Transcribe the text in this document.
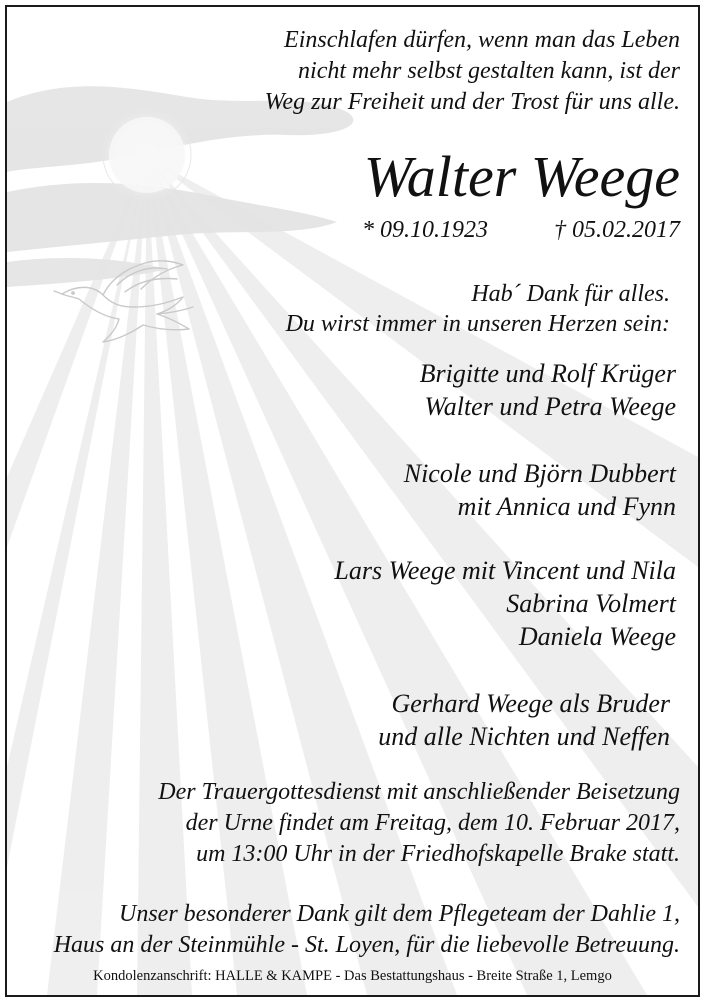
Einschlafen dürfen, wenn man das Leben
nicht mehr selbst gestalten kann, ist der
Weg zur Freiheit und der Trost für uns alle.
Walter Weege
* 09.10.1923	† 05.02.2017
Hab´ Dank für alles.
Du wirst immer in unseren Herzen sein:
Brigitte und Rolf Krüger
Walter und Petra Weege
Nicole und Björn Dubbert
mit Annica und Fynn
Lars Weege mit Vincent und Nila
Sabrina Volmert
Daniela Weege
Gerhard Weege als Bruder
und alle Nichten und Neffen
Der Trauergottesdienst mit anschließender Beisetzung
der Urne findet am Freitag, dem 10. Februar 2017,
um 13:00 Uhr in der Friedhofskapelle Brake statt.
Unser besonderer Dank gilt dem Pflegeteam der Dahlie 1,
Haus an der Steinmühle - St. Loyen, für die liebevolle Betreuung.
Kondolenzanschrift: HALLE & KAMPE - Das Bestattungshaus - Breite Straße 1, Lemgo
